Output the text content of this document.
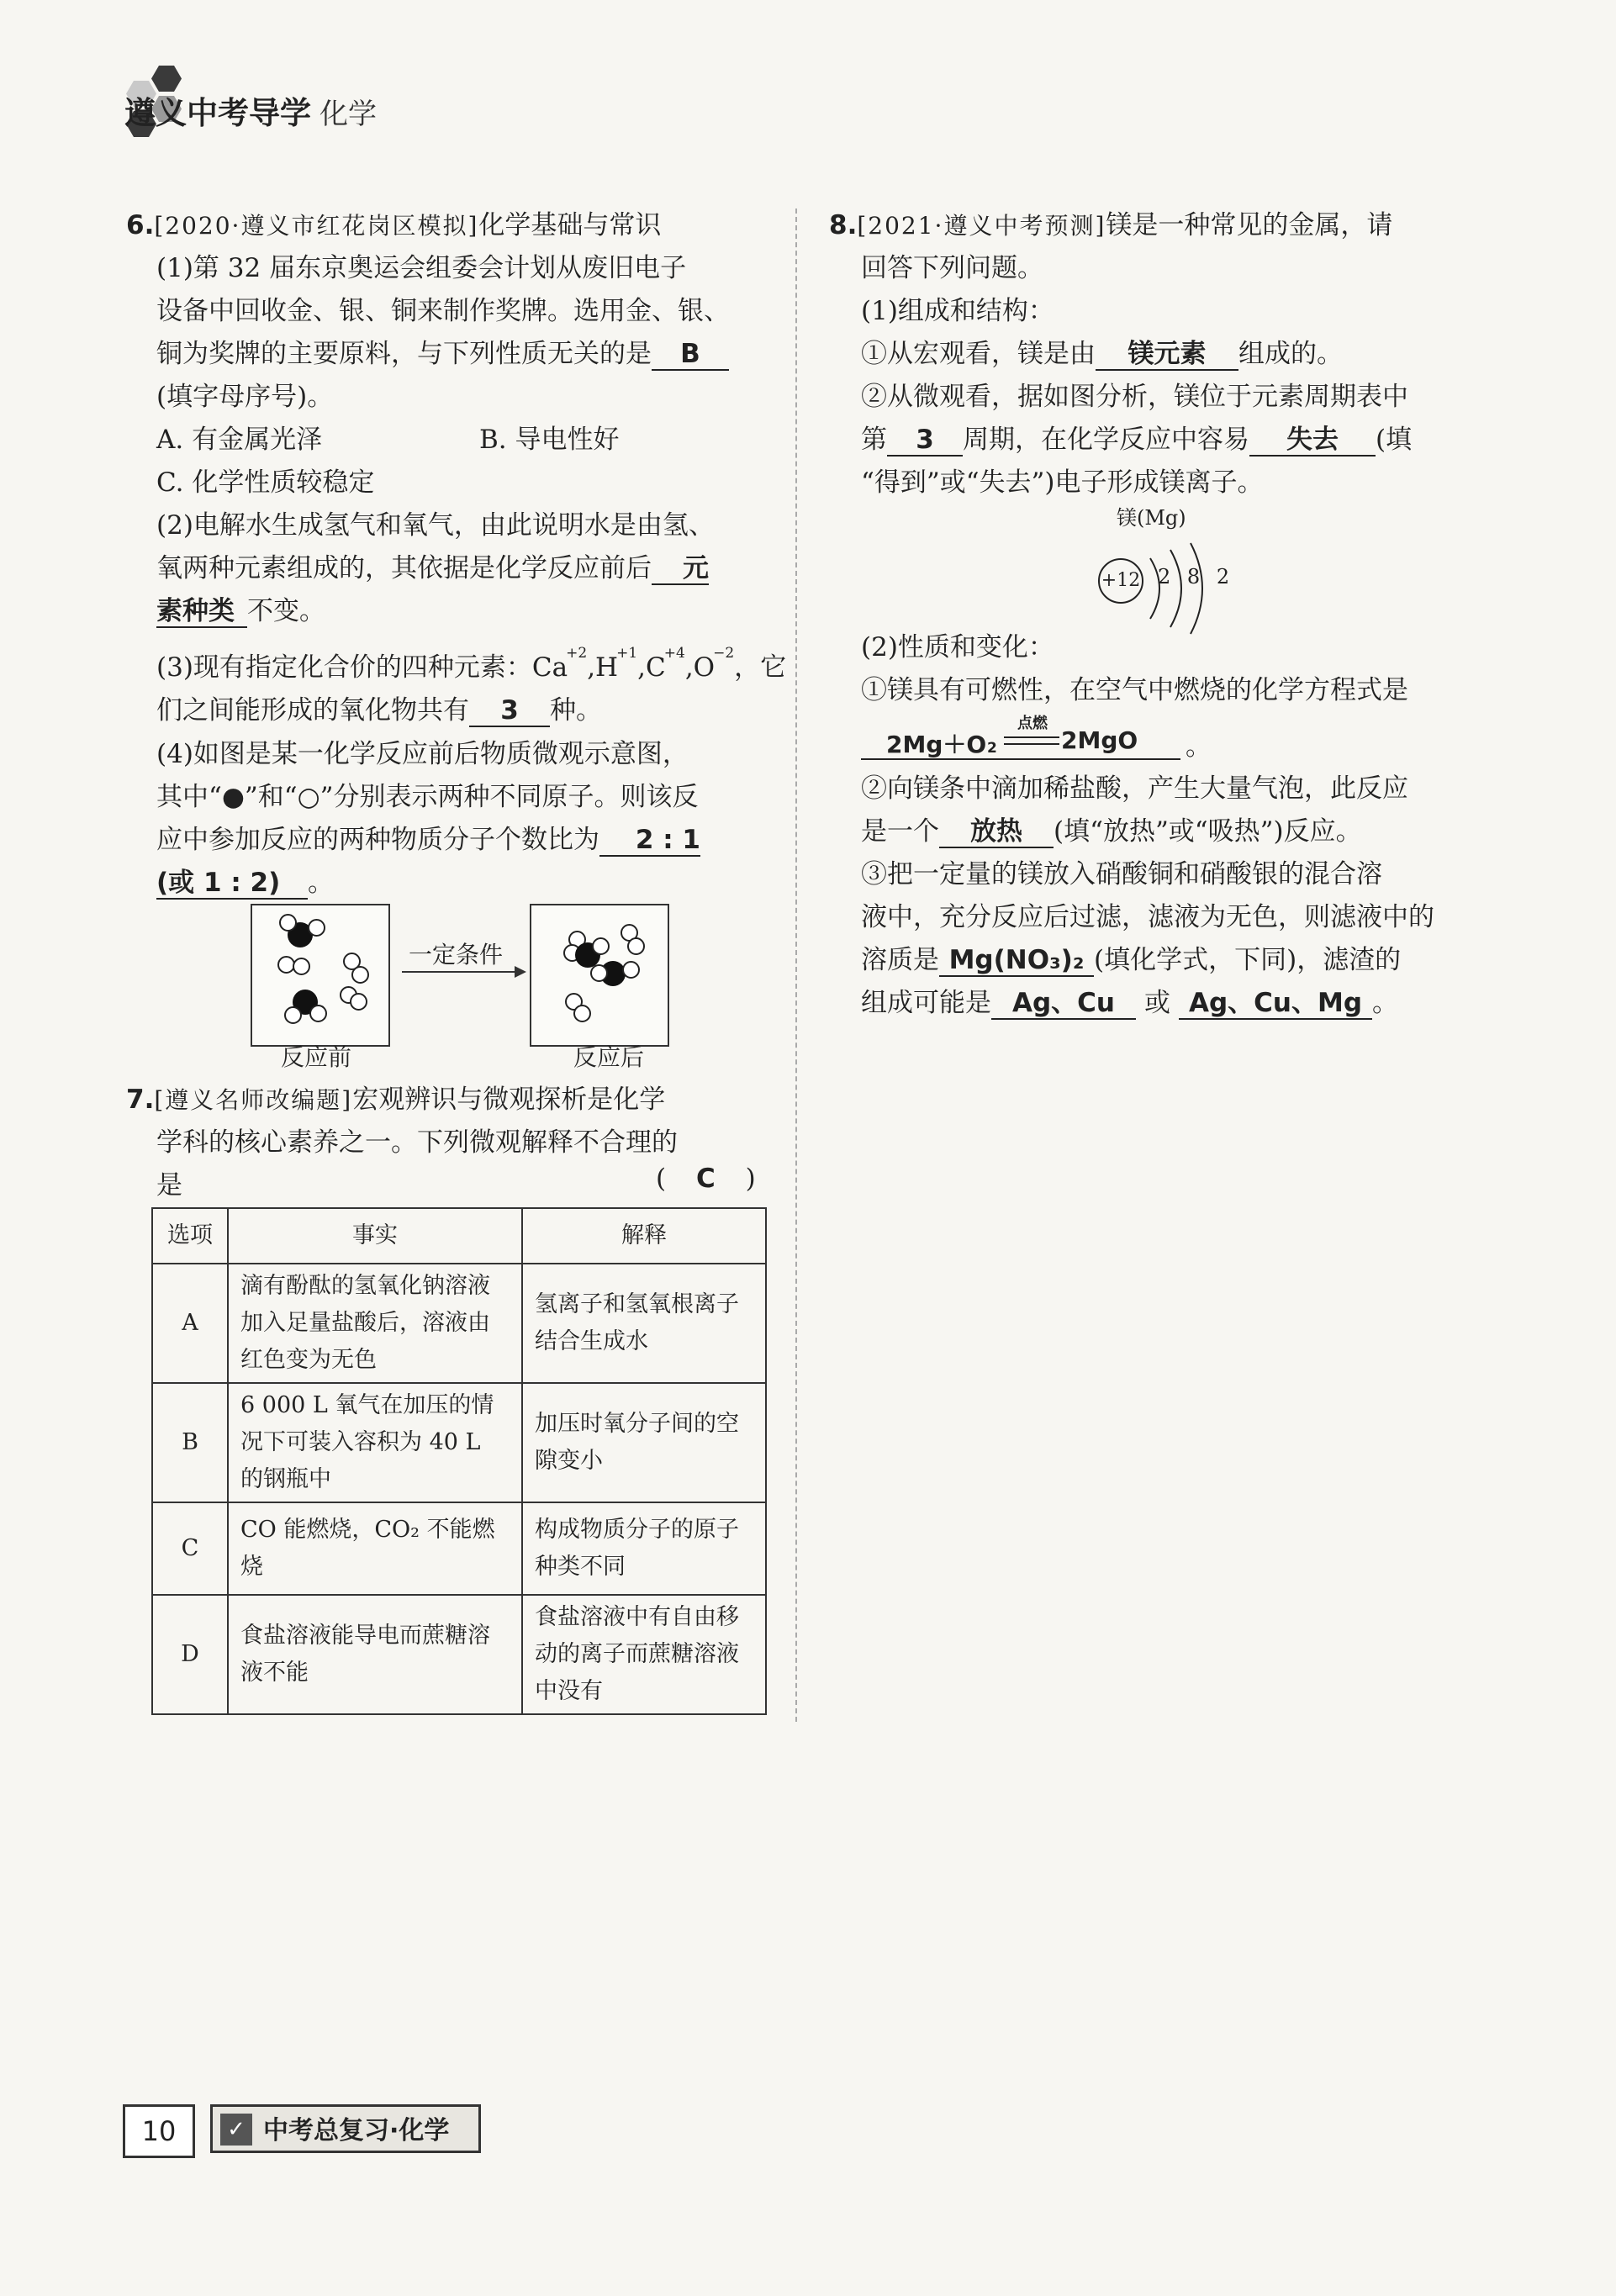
遵义中考导学 化学
6.[2020·遵义市红花岗区模拟]化学基础与常识
(1)第 32 届东京奥运会组委会计划从废旧电子
设备中回收金、银、铜来制作奖牌。选用金、银、
铜为奖牌的主要原料，与下列性质无关的是 B
(填字母序号)。
A. 有金属光泽	B. 导电性好
C. 化学性质较稳定
(2)电解水生成氢气和氧气，由此说明水是由氢、
氧两种元素组成的，其依据是化学反应前后 元
素种类 不变。
(3)现有指定化合价的四种元素：$Ca^{+2},H^{+1},C^{+4},O^{-2}$，它
们之间能形成的氧化物共有 3 种。
(4)如图是某一化学反应前后物质微观示意图，
其中“●”和“○”分别表示两种不同原子。则该反
应中参加反应的两种物质分子个数比为 2 : 1
(或 1 : 2) 。
一定条件
反应前	反应后
7.[遵义名师改编题]宏观辨识与微观探析是化学
学科的核心素养之一。下列微观解释不合理的
是	( C )
选项	事实	解释
A	滴有酚酞的氢氧化钠溶液加入足量盐酸后，溶液由红色变为无色	氢离子和氢氧根离子结合生成水
B	6 000 L 氧气在加压的情况下可装入容积为 40 L 的钢瓶中	加压时氧分子间的空隙变小
C	CO 能燃烧，CO₂ 不能燃烧	构成物质分子的原子种类不同
D	食盐溶液能导电而蔗糖溶液不能	食盐溶液中有自由移动的离子而蔗糖溶液中没有
8.[2021·遵义中考预测]镁是一种常见的金属，请
回答下列问题。
(1)组成和结构：
①从宏观看，镁是由 镁元素 组成的。
②从微观看，据如图分析，镁位于元素周期表中
第 3 周期，在化学反应中容易 失去 (填
“得到”或“失去”)电子形成镁离子。
镁(Mg)
+12 2 8 2
(2)性质和变化：
①镁具有可燃性，在空气中燃烧的化学方程式是
2Mg＋O 2
点燃
2MgO 。
②向镁条中滴加稀盐酸，产生大量气泡，此反应
是一个 放热 (填“放热”或“吸热”)反应。
③把一定量的镁放入硝酸铜和硝酸银的混合溶
液中，充分反应后过滤，滤液为无色，则滤液中的
溶质是 Mg(NO₃)₂ (填化学式，下同)，滤渣的
组成可能是 Ag、Cu 或 Ag、Cu、Mg 。
10	中考总复习·化学
✓
